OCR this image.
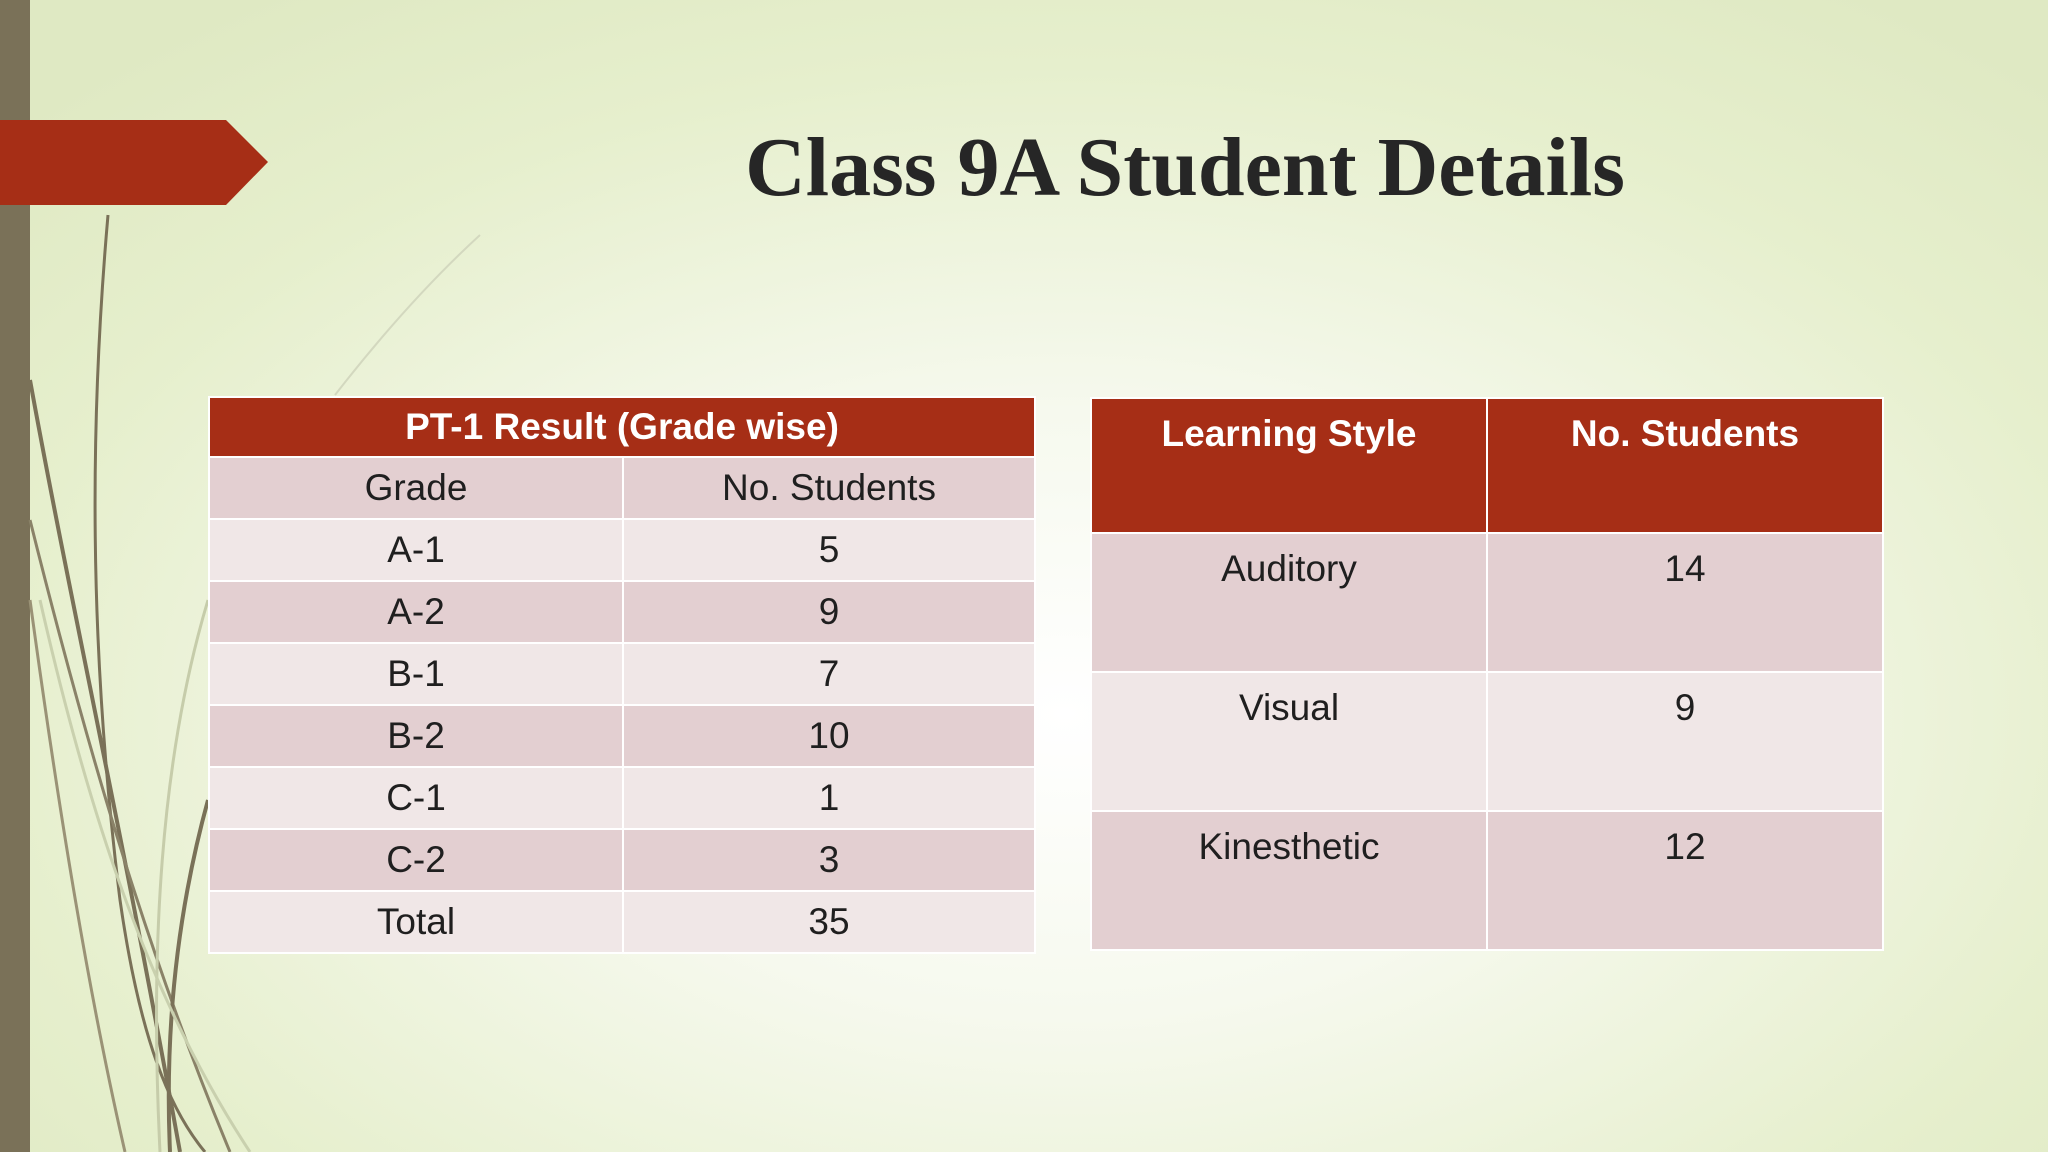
Class 9A Student Details
PT-1 Result (Grade wise)	
Grade	No. Students
A-1	5
A-2	9
B-1	7
B-2	10
C-1	1
C-2	3
Total	35
Learning Style	No. Students
Auditory	14
Visual	9
Kinesthetic	12
